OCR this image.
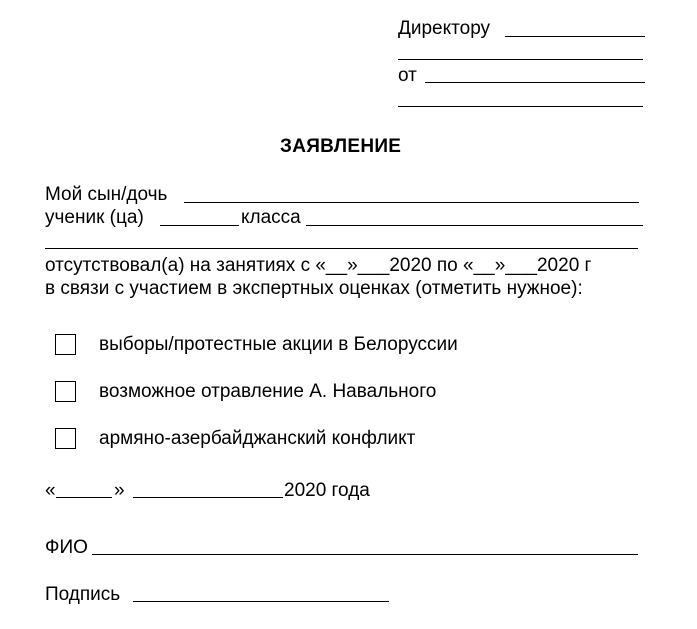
Директору
от
ЗАЯВЛЕНИЕ
Мой сын/дочь
ученик (ца)	класса
отсутствовал(а) на занятиях с «__»___2020 по «__»___2020 г
в связи с участием в экспертных оценках (отметить нужное):
выборы/протестные акции в Белоруссии
возможное отравление А. Навального
армяно-азербайджанский конфликт
«	»	2020 года
ФИО
Подпись
